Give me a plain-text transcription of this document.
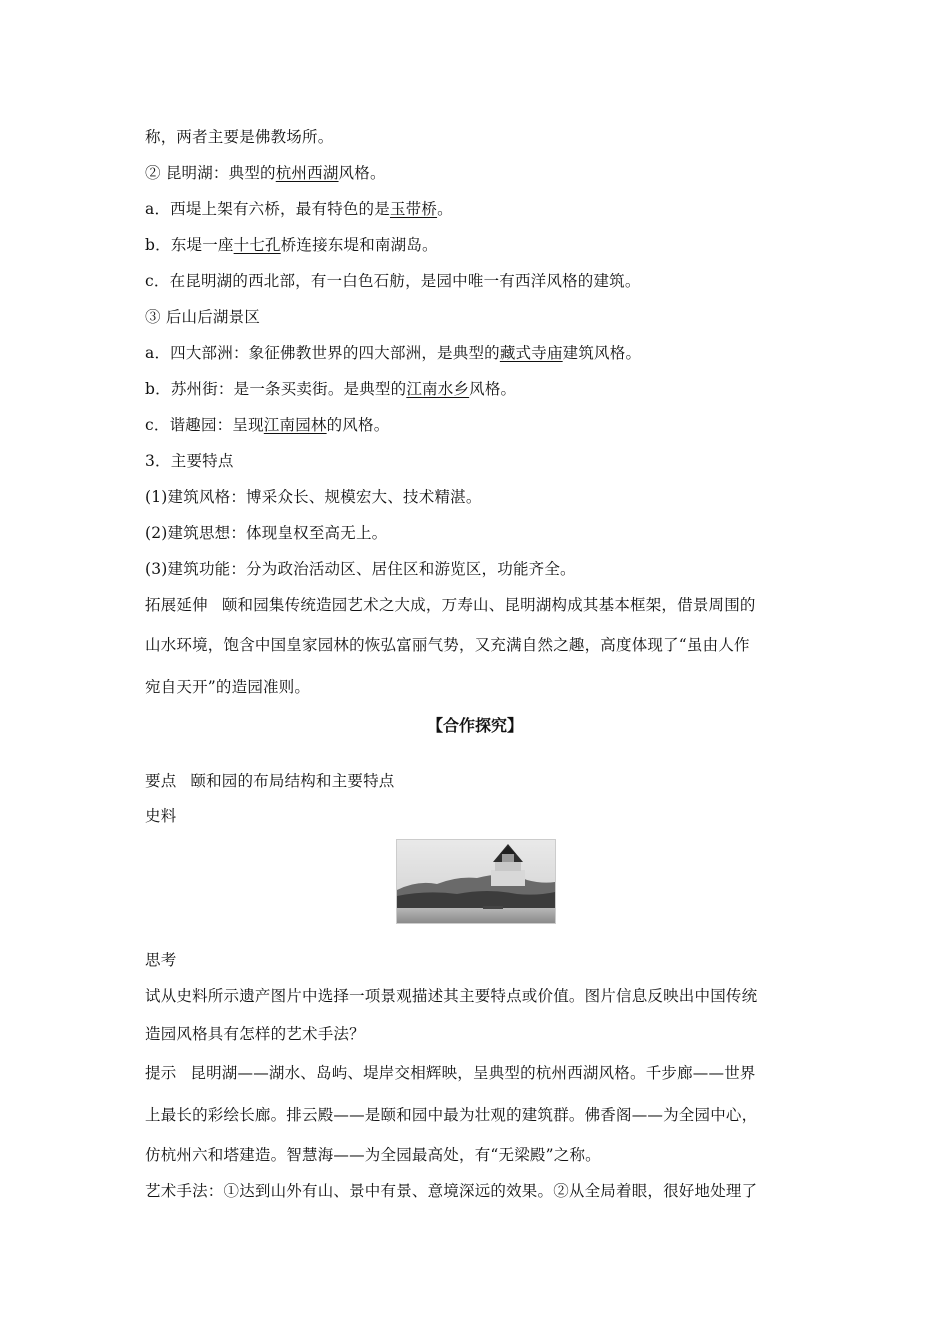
称，两者主要是佛教场所。
② 昆明湖：典型的杭州西湖风格。
a．西堤上架有六桥，最有特色的是玉带桥。
b．东堤一座十七孔桥连接东堤和南湖岛。
c．在昆明湖的西北部，有一白色石舫，是园中唯一有西洋风格的建筑。
③ 后山后湖景区
a．四大部洲：象征佛教世界的四大部洲，是典型的藏式寺庙建筑风格。
b．苏州街：是一条买卖街。是典型的江南水乡风格。
c．谐趣园：呈现江南园林的风格。
3．主要特点
(1)建筑风格：博采众长、规模宏大、技术精湛。
(2)建筑思想：体现皇权至高无上。
(3)建筑功能：分为政治活动区、居住区和游览区，功能齐全。
拓展延伸 颐和园集传统造园艺术之大成，万寿山、昆明湖构成其基本框架，借景周围的
山水环境，饱含中国皇家园林的恢弘富丽气势，又充满自然之趣，高度体现了“虽由人作
宛自天开”的造园准则。
【合作探究】
要点 颐和园的布局结构和主要特点
史料
思考
试从史料所示遗产图片中选择一项景观描述其主要特点或价值。图片信息反映出中国传统
造园风格具有怎样的艺术手法？
提示 昆明湖——湖水、岛屿、堤岸交相辉映，呈典型的杭州西湖风格。千步廊——世界
上最长的彩绘长廊。排云殿——是颐和园中最为壮观的建筑群。佛香阁——为全园中心，
仿杭州六和塔建造。智慧海——为全园最高处，有“无梁殿”之称。
艺术手法：①达到山外有山、景中有景、意境深远的效果。②从全局着眼，很好地处理了
